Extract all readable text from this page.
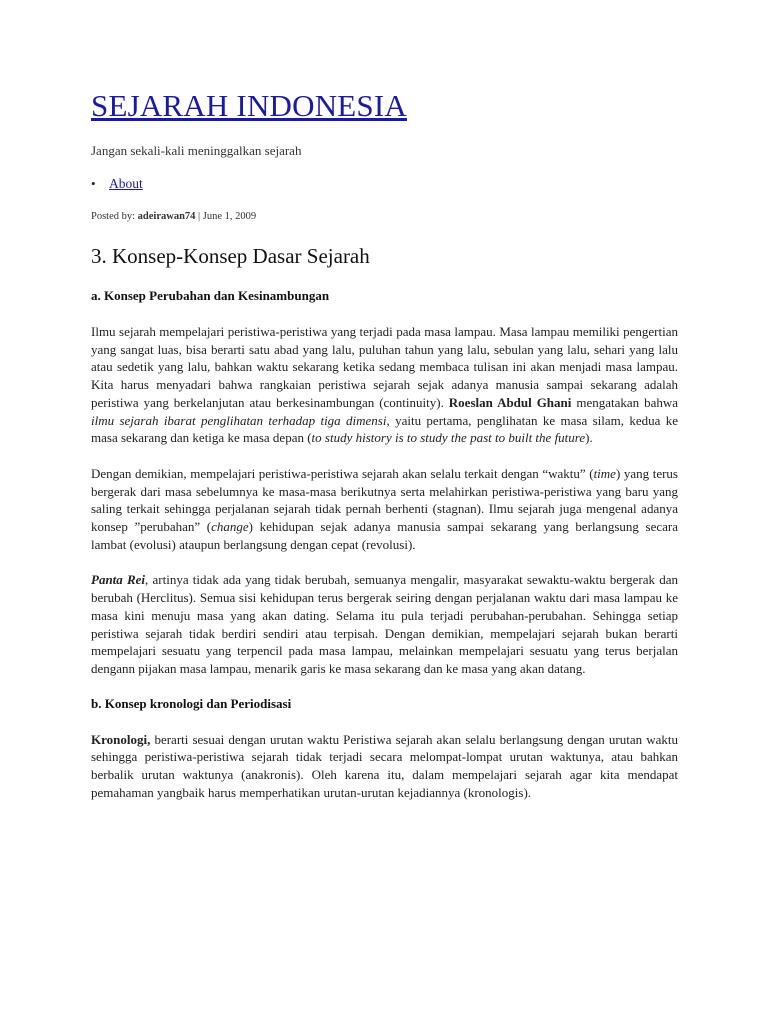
SEJARAH INDONESIA

Jangan sekali-kali meninggalkan sejarah

• About

Posted by: adeirawan74 | June 1, 2009

3. Konsep-Konsep Dasar Sejarah

a. Konsep Perubahan dan Kesinambungan

Ilmu sejarah mempelajari peristiwa-peristiwa yang terjadi pada masa lampau. Masa lampau memiliki pengertian yang sangat luas, bisa berarti satu abad yang lalu, puluhan tahun yang lalu, sebulan yang lalu, sehari yang lalu atau sedetik yang lalu, bahkan waktu sekarang ketika sedang membaca tulisan ini akan menjadi masa lampau. Kita harus menyadari bahwa rangkaian peristiwa sejarah sejak adanya manusia sampai sekarang adalah peristiwa yang berkelanjutan atau berkesinambungan (continuity). Roeslan Abdul Ghani mengatakan bahwa ilmu sejarah ibarat penglihatan terhadap tiga dimensi, yaitu pertama, penglihatan ke masa silam, kedua ke masa sekarang dan ketiga ke masa depan (to study history is to study the past to built the future).

Dengan demikian, mempelajari peristiwa-peristiwa sejarah akan selalu terkait dengan “waktu” (time) yang terus bergerak dari masa sebelumnya ke masa-masa berikutnya serta melahirkan peristiwa-peristiwa yang baru yang saling terkait sehingga perjalanan sejarah tidak pernah berhenti (stagnan). Ilmu sejarah juga mengenal adanya konsep ”perubahan” (change) kehidupan sejak adanya manusia sampai sekarang yang berlangsung secara lambat (evolusi) ataupun berlangsung dengan cepat (revolusi).

Panta Rei, artinya tidak ada yang tidak berubah, semuanya mengalir, masyarakat sewaktu-waktu bergerak dan berubah (Herclitus). Semua sisi kehidupan terus bergerak seiring dengan perjalanan waktu dari masa lampau ke masa kini menuju masa yang akan dating. Selama itu pula terjadi perubahan-perubahan. Sehingga setiap peristiwa sejarah tidak berdiri sendiri atau terpisah. Dengan demikian, mempelajari sejarah bukan berarti mempelajari sesuatu yang terpencil pada masa lampau, melainkan mempelajari sesuatu yang terus berjalan dengann pijakan masa lampau, menarik garis ke masa sekarang dan ke masa yang akan datang.

b. Konsep kronologi dan Periodisasi

Kronologi, berarti sesuai dengan urutan waktu Peristiwa sejarah akan selalu berlangsung dengan urutan waktu sehingga peristiwa-peristiwa sejarah tidak terjadi secara melompat-lompat urutan waktunya, atau bahkan berbalik urutan waktunya (anakronis). Oleh karena itu, dalam mempelajari sejarah agar kita mendapat pemahaman yangbaik harus memperhatikan urutan-urutan kejadiannya (kronologis).
